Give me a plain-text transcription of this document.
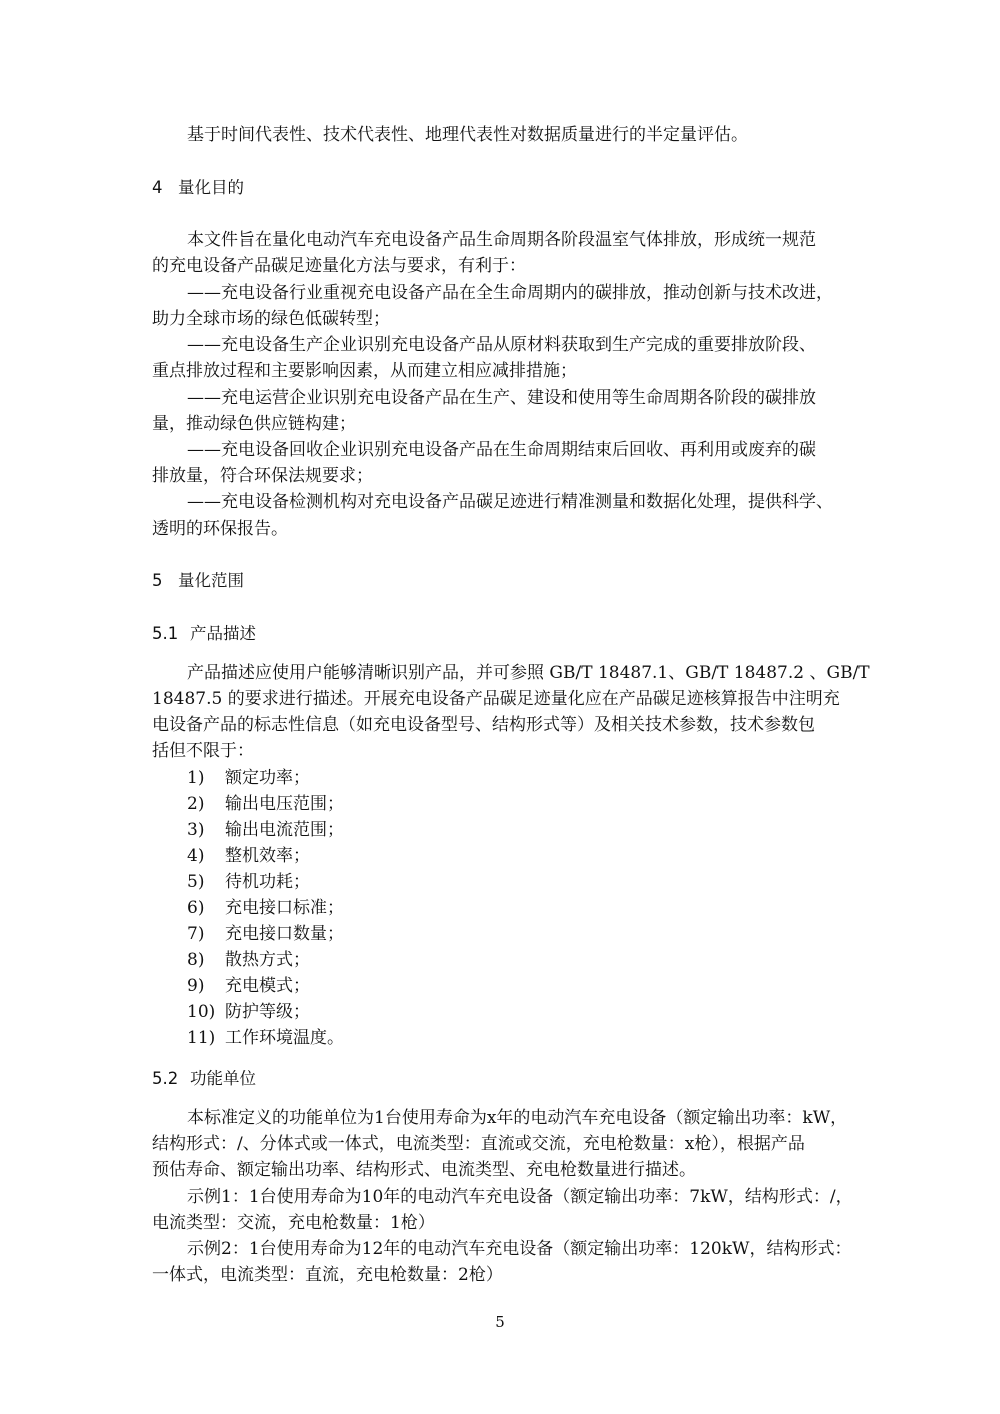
基于时间代表性、技术代表性、地理代表性对数据质量进行的半定量评估。
4 量化目的
本文件旨在量化电动汽车充电设备产品生命周期各阶段温室气体排放，形成统一规范
的充电设备产品碳足迹量化方法与要求，有利于：
——充电设备行业重视充电设备产品在全生命周期内的碳排放，推动创新与技术改进，
助力全球市场的绿色低碳转型；
——充电设备生产企业识别充电设备产品从原材料获取到生产完成的重要排放阶段、
重点排放过程和主要影响因素，从而建立相应减排措施；
——充电运营企业识别充电设备产品在生产、建设和使用等生命周期各阶段的碳排放
量，推动绿色供应链构建；
——充电设备回收企业识别充电设备产品在生命周期结束后回收、再利用或废弃的碳
排放量，符合环保法规要求；
——充电设备检测机构对充电设备产品碳足迹进行精准测量和数据化处理，提供科学、
透明的环保报告。
5 量化范围
5.1 产品描述
产品描述应使用户能够清晰识别产品，并可参照 GB/T 18487.1、GB/T 18487.2 、GB/T
18487.5 的要求进行描述。开展充电设备产品碳足迹量化应在产品碳足迹核算报告中注明充
电设备产品的标志性信息（如充电设备型号、结构形式等）及相关技术参数，技术参数包
括但不限于：
1) 额定功率；
2) 输出电压范围；
3) 输出电流范围；
4) 整机效率；
5) 待机功耗；
6) 充电接口标准；
7) 充电接口数量；
8) 散热方式；
9) 充电模式；
10) 防护等级；
11) 工作环境温度。
5.2 功能单位
本标准定义的功能单位为1台使用寿命为x年的电动汽车充电设备（额定输出功率：kW，
结构形式：/、分体式或一体式，电流类型：直流或交流，充电枪数量：x枪），根据产品
预估寿命、额定输出功率、结构形式、电流类型、充电枪数量进行描述。
示例1：1台使用寿命为10年的电动汽车充电设备（额定输出功率：7kW，结构形式：/，
电流类型：交流，充电枪数量：1枪）
示例2：1台使用寿命为12年的电动汽车充电设备（额定输出功率：120kW，结构形式：
一体式，电流类型：直流，充电枪数量：2枪）
5
